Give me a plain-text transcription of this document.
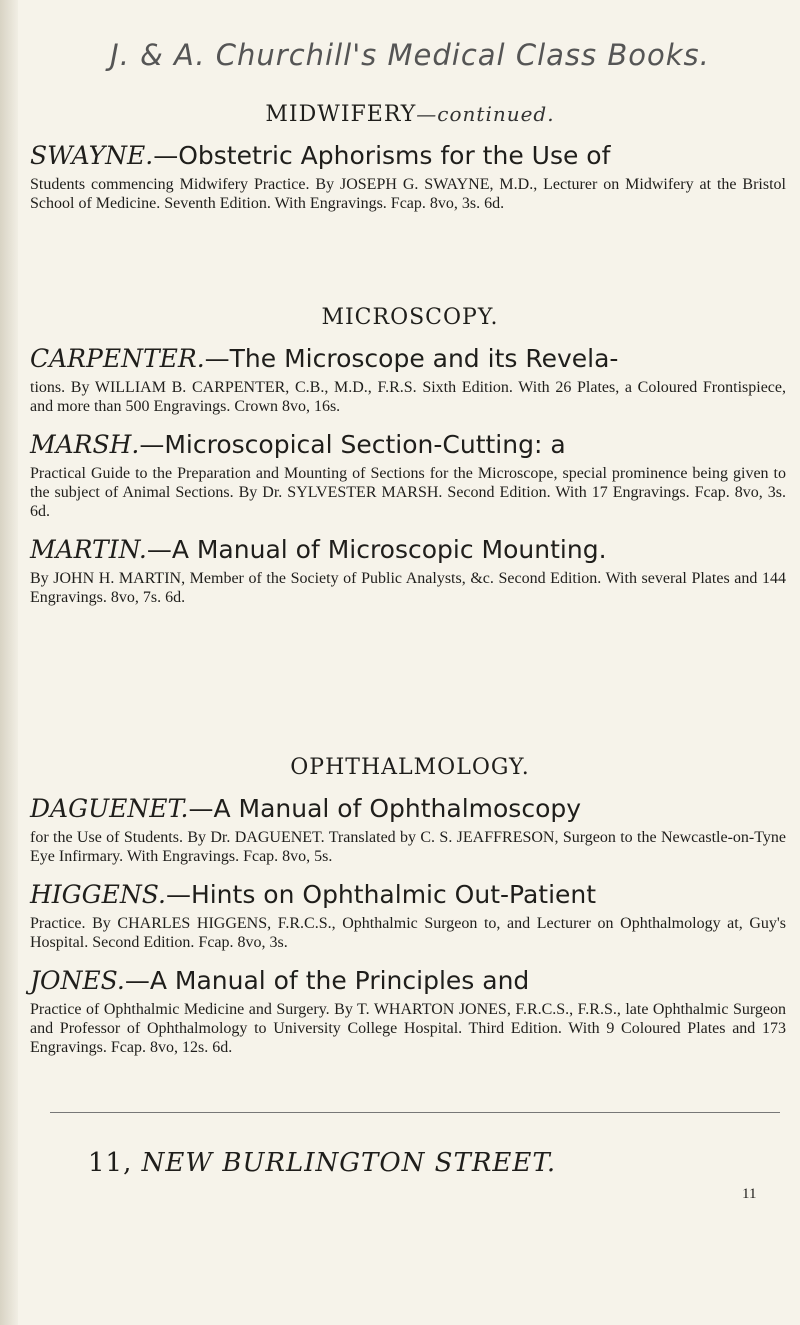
J. & A. Churchill's Medical Class Books.
MIDWIFERY—continued.
SWAYNE.—Obstetric Aphorisms for the Use of

Students commencing Midwifery Practice. By JOSEPH G. SWAYNE, M.D., Lecturer on Midwifery at the Bristol School of Medicine. Seventh Edition. With Engravings. Fcap. 8vo, 3s. 6d.

MICROSCOPY.
CARPENTER.—The Microscope and its Revela-

tions. By WILLIAM B. CARPENTER, C.B., M.D., F.R.S. Sixth Edition. With 26 Plates, a Coloured Frontispiece, and more than 500 Engravings. Crown 8vo, 16s.

MARSH.—Microscopical Section-Cutting: a

Practical Guide to the Preparation and Mounting of Sections for the Microscope, special prominence being given to the subject of Animal Sections. By Dr. SYLVESTER MARSH. Second Edition. With 17 Engravings. Fcap. 8vo, 3s. 6d.

MARTIN.—A Manual of Microscopic Mounting.

By JOHN H. MARTIN, Member of the Society of Public Analysts, &c. Second Edition. With several Plates and 144 Engravings. 8vo, 7s. 6d.

OPHTHALMOLOGY.
DAGUENET.—A Manual of Ophthalmoscopy

for the Use of Students. By Dr. DAGUENET. Translated by C. S. JEAFFRESON, Surgeon to the Newcastle-on-Tyne Eye Infirmary. With Engravings. Fcap. 8vo, 5s.

HIGGENS.—Hints on Ophthalmic Out-Patient

Practice. By CHARLES HIGGENS, F.R.C.S., Ophthalmic Surgeon to, and Lecturer on Ophthalmology at, Guy's Hospital. Second Edition. Fcap. 8vo, 3s.

JONES.—A Manual of the Principles and

Practice of Ophthalmic Medicine and Surgery. By T. WHARTON JONES, F.R.C.S., F.R.S., late Ophthalmic Surgeon and Professor of Ophthalmology to University College Hospital. Third Edition. With 9 Coloured Plates and 173 Engravings. Fcap. 8vo, 12s. 6d.

11, NEW BURLINGTON STREET.
11
